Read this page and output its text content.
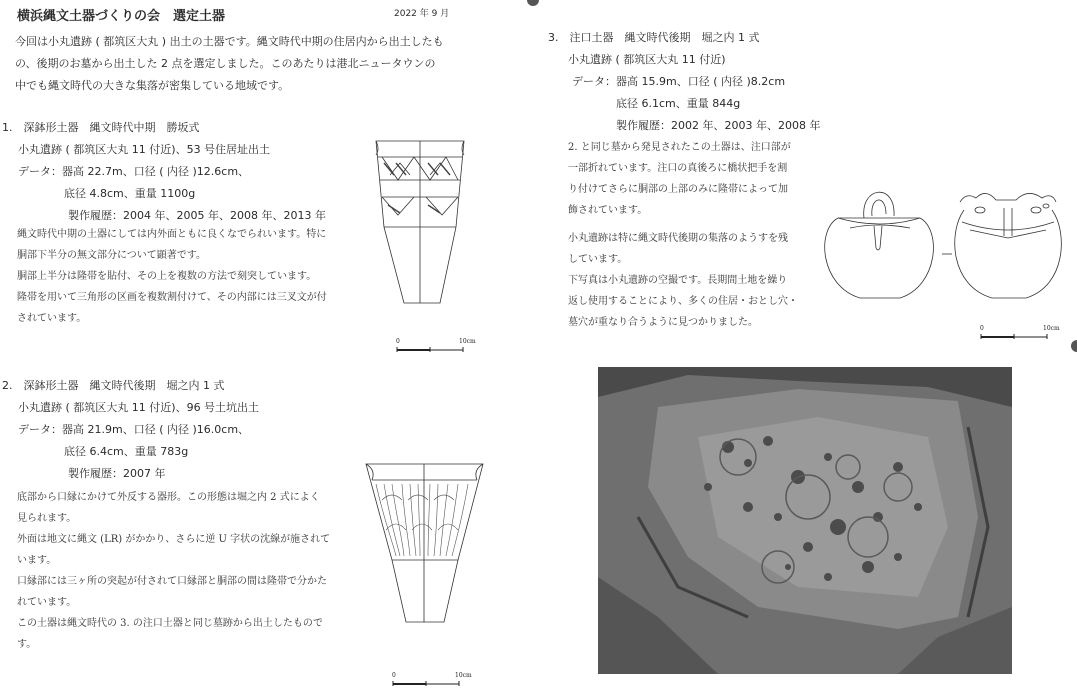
横浜縄文土器づくりの会　選定土器	2022 年 9 月
今回は小丸遺跡 ( 都筑区大丸 ) 出土の土器です。縄文時代中期の住居内から出土したも
の、後期のお墓から出土した 2 点を選定しました。このあたりは港北ニュータウンの
中でも縄文時代の大きな集落が密集している地域です。
1.　深鉢形土器　縄文時代中期　勝坂式
小丸遺跡 ( 都筑区大丸 11 付近)、53 号住居址出土
データ：器高 22.7m、口径 ( 内径 )12.6cm、
底径 4.8cm、重量 1100g
製作履歴：2004 年、2005 年、2008 年、2013 年
縄文時代中期の土器にしては内外面ともに良くなでられいます。特に
胴部下半分の無文部分について顕著です。
胴部上半分は隆帯を貼付、その上を複数の方法で刻突しています。
隆帯を用いて三角形の区画を複数割付けて、その内部には三叉文が付
されています。
0	10cm
2.　深鉢形土器　縄文時代後期　堀之内 1 式
小丸遺跡 ( 都筑区大丸 11 付近)、96 号土坑出土
データ：器高 21.9m、口径 ( 内径 )16.0cm、
底径 6.4cm、重量 783g
製作履歴：2007 年
底部から口縁にかけて外反する器形。この形態は堀之内 2 式によく
見られます。
外面は地文に縄文 (LR) がかかり、さらに逆 U 字状の沈線が施されて
います。
口縁部には三ヶ所の突起が付されて口縁部と胴部の間は隆帯で分かた
れています。
この土器は縄文時代の 3. の注口土器と同じ墓跡から出土したもので
す。
0	10cm
3.　注口土器　縄文時代後期　堀之内 1 式
小丸遺跡 ( 都筑区大丸 11 付近)
データ：器高 15.9m、口径 ( 内径 )8.2cm
底径 6.1cm、重量 844g
製作履歴：2002 年、2003 年、2008 年
2. と同じ墓から発見されたこの土器は、注口部が
一部折れています。注口の真後ろに橋状把手を割
り付けてさらに胴部の上部のみに隆帯によって加
飾されています。
小丸遺跡は特に縄文時代後期の集落のようすを残
しています。
下写真は小丸遺跡の空撮です。長期間土地を繰り
返し使用することにより、多くの住居・おとし穴・
墓穴が重なり合うように見つかりました。
0	10cm
